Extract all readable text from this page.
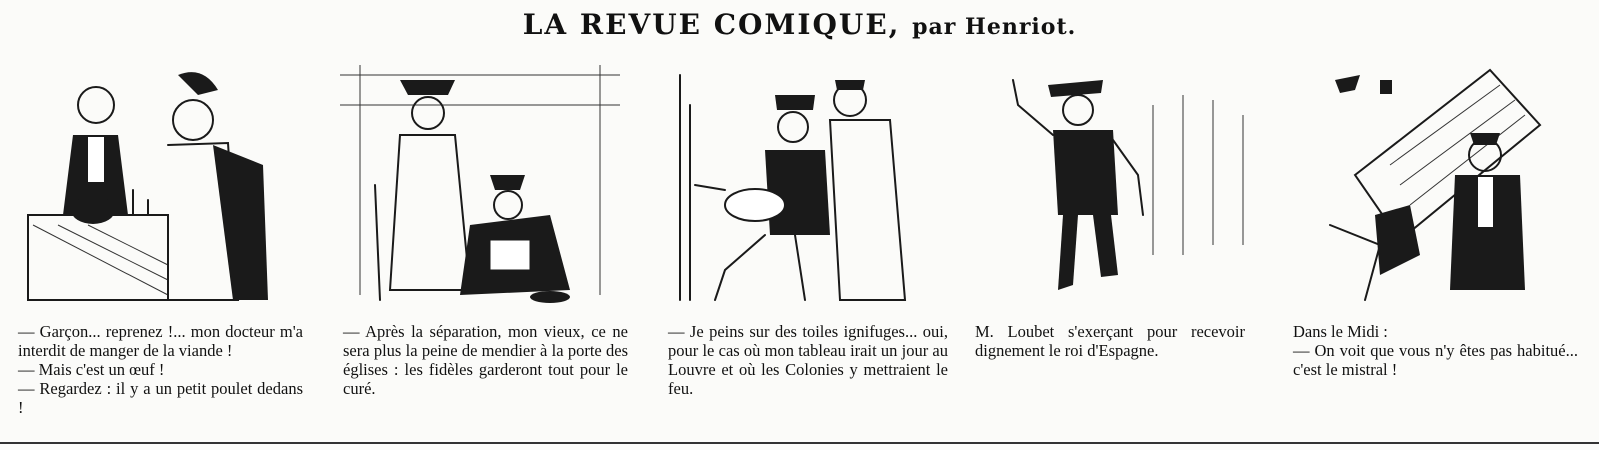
LA REVUE COMIQUE, par Henriot.
— Garçon... reprenez !... mon docteur m'a interdit de manger de la viande !
— Mais c'est un œuf !
— Regardez : il y a un petit poulet dedans !
— Après la séparation, mon vieux, ce ne sera plus la peine de mendier à la porte des églises : les fidèles garderont tout pour le curé.
— Je peins sur des toiles ignifuges... oui, pour le cas où mon tableau irait un jour au Louvre et où les Colonies y mettraient le feu.
M. Loubet s'exerçant pour recevoir dignement le roi d'Espagne.
Dans le Midi :
— On voit que vous n'y êtes pas habitué... c'est le mistral !
